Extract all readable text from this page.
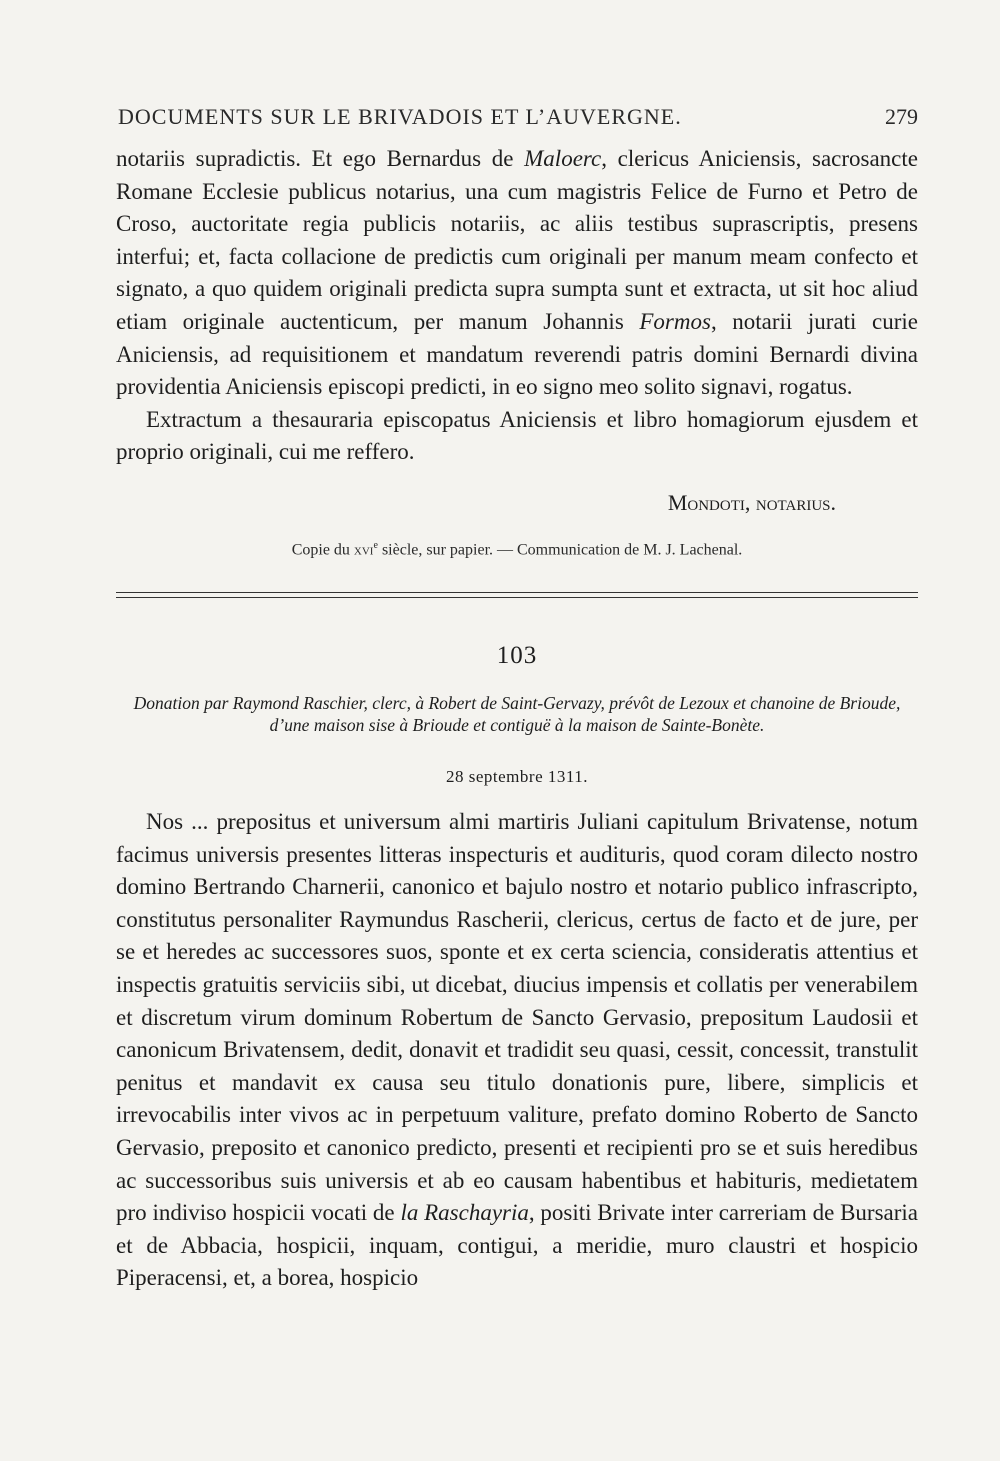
DOCUMENTS SUR LE BRIVADOIS ET L’AUVERGNE.	279

notariis supradictis. Et ego Bernardus de Maloerc, clericus Aniciensis, sacrosancte Romane Ecclesie publicus notarius, una cum magistris Felice de Furno et Petro de Croso, auctoritate regia publicis notariis, ac aliis testibus suprascriptis, presens interfui; et, facta collacione de predictis cum originali per manum meam confecto et signato, a quo quidem originali predicta supra sumpta sunt et extracta, ut sit hoc aliud etiam originale auctenticum, per manum Johannis Formos, notarii jurati curie Aniciensis, ad requisitionem et mandatum reverendi patris domini Bernardi divina providentia Aniciensis episcopi predicti, in eo signo meo solito signavi, rogatus.

Extractum a thesauraria episcopatus Aniciensis et libro homagiorum ejusdem et proprio originali, cui me reffero.

Mondoti, notarius.
Copie du xvi$^e$ siècle, sur papier. — Communication de M. J. Lachenal.
103
Donation par Raymond Raschier, clerc, à Robert de Saint-Gervazy, prévôt de Lezoux et chanoine de Brioude, d’une maison sise à Brioude et contiguë à la maison de Sainte-Bonète.
28 septembre 1311.

Nos ... prepositus et universum almi martiris Juliani capitulum Brivatense, notum facimus universis presentes litteras inspecturis et audituris, quod coram dilecto nostro domino Bertrando Charnerii, canonico et bajulo nostro et notario publico infrascripto, constitutus personaliter Raymundus Rascherii, clericus, certus de facto et de jure, per se et heredes ac successores suos, sponte et ex certa sciencia, consideratis attentius et inspectis gratuitis serviciis sibi, ut dicebat, diucius impensis et collatis per venerabilem et discretum virum dominum Robertum de Sancto Gervasio, prepositum Laudosii et canonicum Brivatensem, dedit, donavit et tradidit seu quasi, cessit, concessit, transtulit penitus et mandavit ex causa seu titulo donationis pure, libere, simplicis et irrevocabilis inter vivos ac in perpetuum valiture, prefato domino Roberto de Sancto Gervasio, preposito et canonico predicto, presenti et recipienti pro se et suis heredibus ac successoribus suis universis et ab eo causam habentibus et habituris, medietatem pro indiviso hospicii vocati de la Raschayria, positi Brivate inter carreriam de Bursaria et de Abbacia, hospicii, inquam, contigui, a meridie, muro claustri et hospicio Piperacensi, et, a borea, hospicio
